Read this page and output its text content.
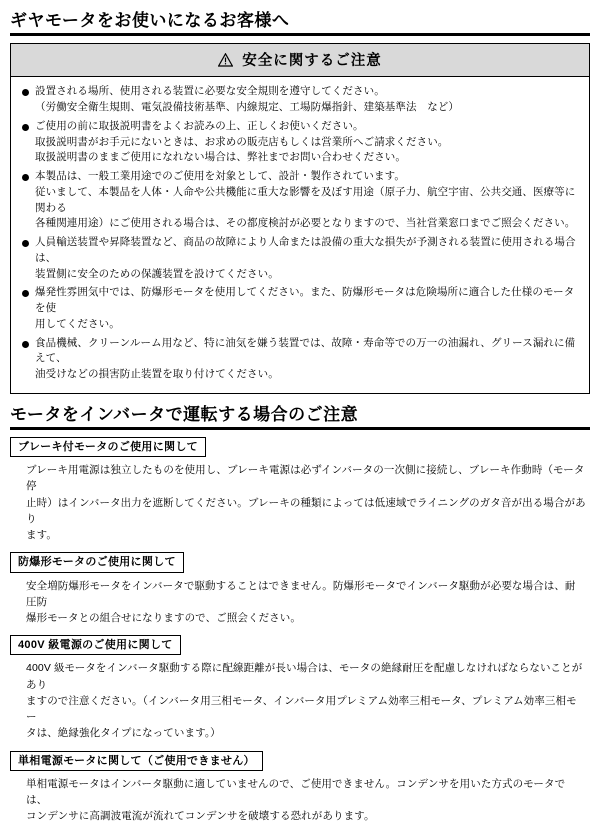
ギヤモータをお使いになるお客様へ
安全に関するご注意
設置される場所、使用される装置に必要な安全規則を遵守してください。
（労働安全衛生規則、電気設備技術基準、内線規定、工場防爆指針、建築基準法　など）
ご使用の前に取扱説明書をよくお読みの上、正しくお使いください。
取扱説明書がお手元にないときは、お求めの販売店もしくは営業所へご請求ください。
取扱説明書のままご使用になれない場合は、弊社までお問い合わせください。
本製品は、一般工業用途でのご使用を対象として、設計・製作されています。
従いまして、本製品を人体・人命や公共機能に重大な影響を及ぼす用途（原子力、航空宇宙、公共交通、医療等に関わる
各種関連用途）にご使用される場合は、その都度検討が必要となりますので、当社営業窓口までご照会ください。
人員輸送装置や昇降装置など、商品の故障により人命または設備の重大な損失が予測される装置に使用される場合は、
装置側に安全のための保護装置を設けてください。
爆発性雰囲気中では、防爆形モータを使用してください。また、防爆形モータは危険場所に適合した仕様のモータを使
用してください。
食品機械、クリーンルーム用など、特に油気を嫌う装置では、故障・寿命等での万一の油漏れ、グリース漏れに備えて、
油受けなどの損害防止装置を取り付けてください。
モータをインバータで運転する場合のご注意
ブレーキ付モータのご使用に関して
ブレーキ用電源は独立したものを使用し、ブレーキ電源は必ずインバータの一次側に接続し、ブレーキ作動時（モータ停
止時）はインバータ出力を遮断してください。ブレーキの種類によっては低速域でライニングのガタ音が出る場合があり
ます。
防爆形モータのご使用に関して
安全増防爆形モータをインバータで駆動することはできません。防爆形モータでインバータ駆動が必要な場合は、耐圧防
爆形モータとの組合せになりますので、ご照会ください。
400V 級電源のご使用に関して
400V 級モータをインバータ駆動する際に配線距離が長い場合は、モータの絶縁耐圧を配慮しなければならないことがあり
ますので注意ください。（インバータ用三相モータ、インバータ用プレミアム効率三相モータ、プレミアム効率三相モー
タは、絶縁強化タイプになっています。）
単相電源モータに関して（ご使用できません）
単相電源モータはインバータ駆動に適していませんので、ご使用できません。コンデンサを用いた方式のモータでは、
コンデンサに高調波電流が流れてコンデンサを破壊する恐れがあります。
